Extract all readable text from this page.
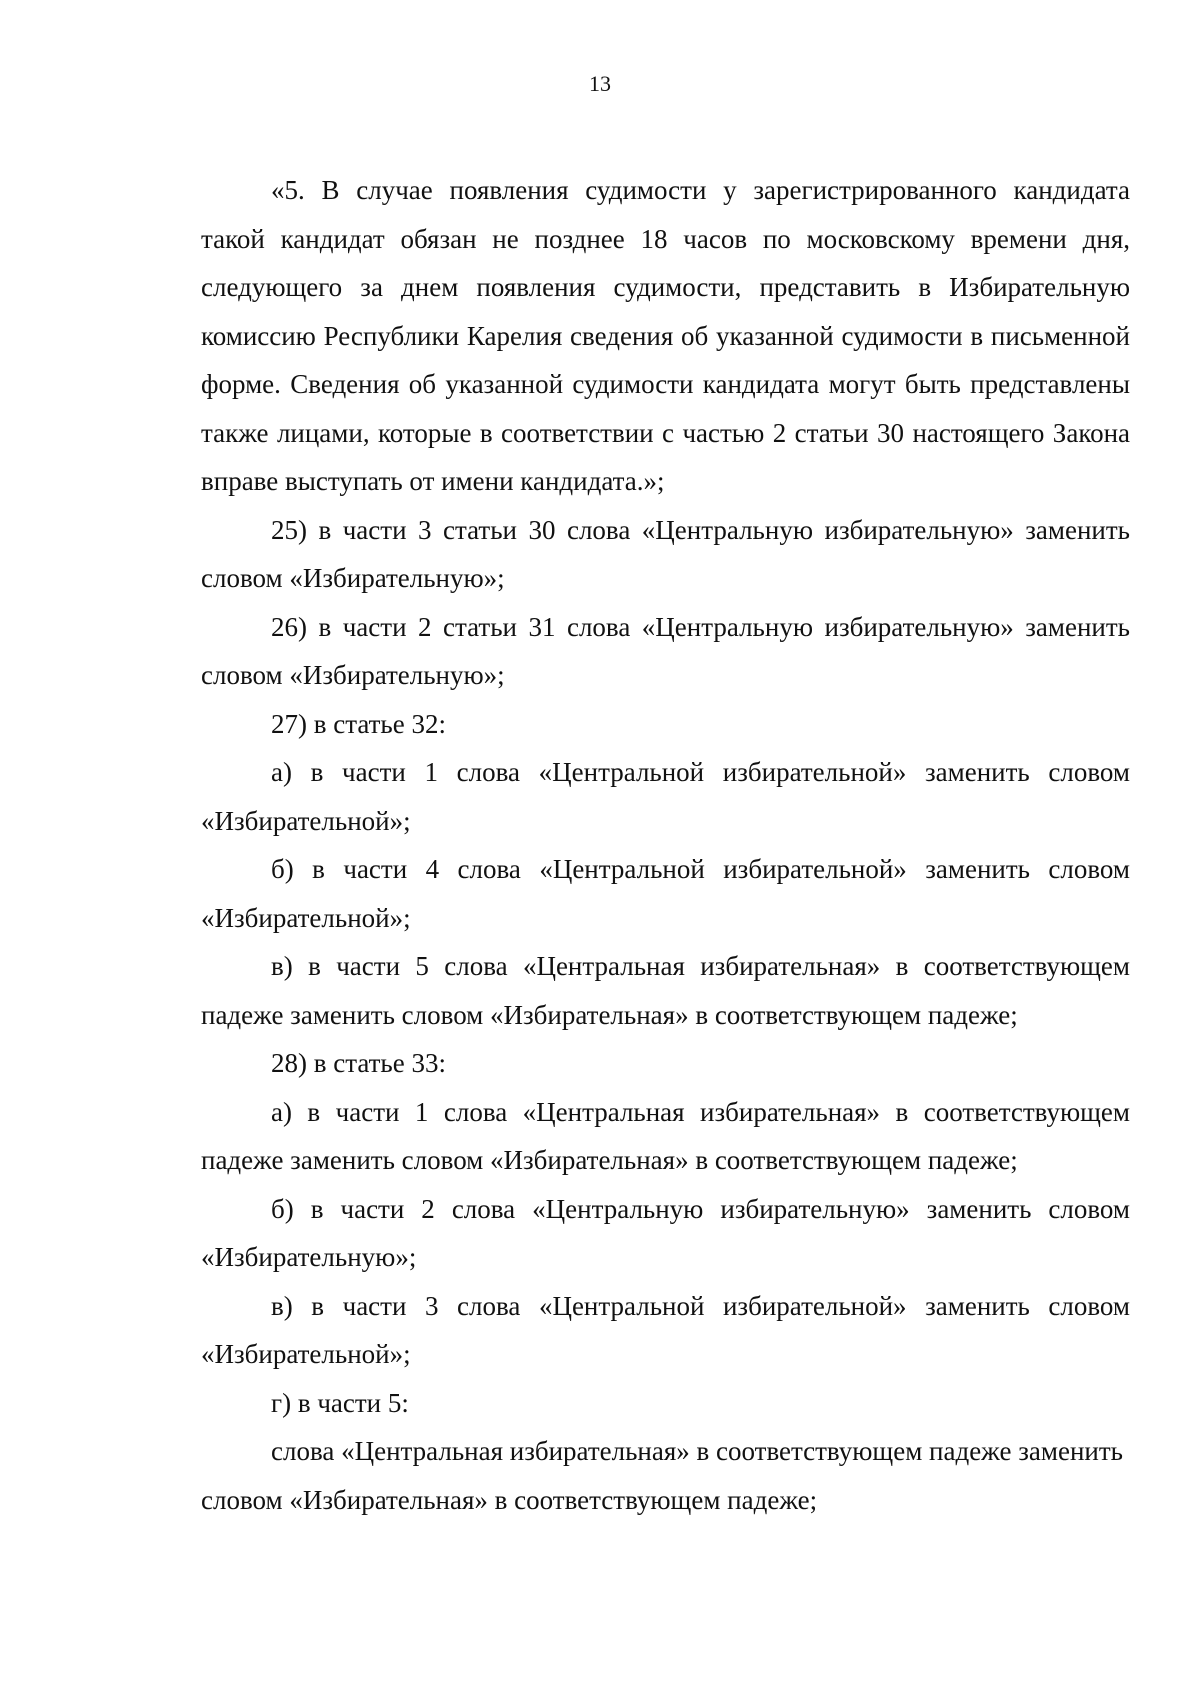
13

«5. В случае появления судимости у зарегистрированного кандидата такой кандидат обязан не позднее 18 часов по московскому времени дня, следующего за днем появления судимости, представить в Избирательную комиссию Республики Карелия сведения об указанной судимости в письменной форме. Сведения об указанной судимости кандидата могут быть представлены также лицами, которые в соответствии с частью 2 статьи 30 настоящего Закона вправе выступать от имени кандидата.»;

25) в части 3 статьи 30 слова «Центральную избирательную» заменить словом «Избирательную»;

26) в части 2 статьи 31 слова «Центральную избирательную» заменить словом «Избирательную»;

27) в статье 32:

а) в части 1 слова «Центральной избирательной» заменить словом «Избирательной»;

б) в части 4 слова «Центральной избирательной» заменить словом «Избирательной»;

в) в части 5 слова «Центральная избирательная» в соответствующем падеже заменить словом «Избирательная» в соответствующем падеже;

28) в статье 33:

а) в части 1 слова «Центральная избирательная» в соответствующем падеже заменить словом «Избирательная» в соответствующем падеже;

б) в части 2 слова «Центральную избирательную» заменить словом «Избирательную»;

в) в части 3 слова «Центральной избирательной» заменить словом «Избирательной»;

г) в части 5:

слова «Центральная избирательная» в соответствующем падеже заменить словом «Избирательная» в соответствующем падеже;
